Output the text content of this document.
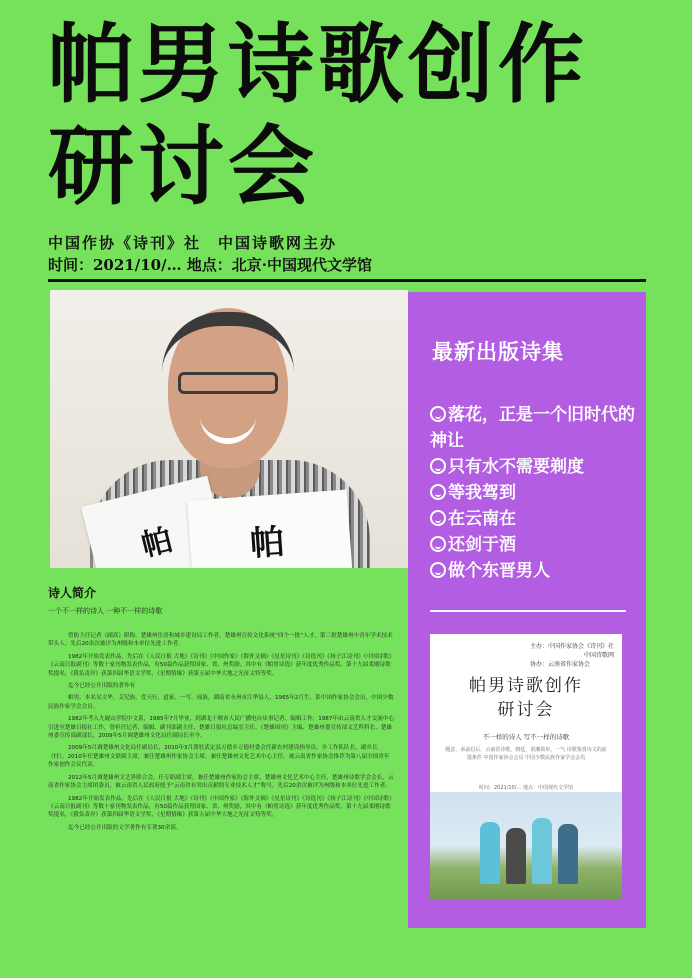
帕男诗歌创作研讨会
中国作协《诗刊》社　中国诗歌网主办
时间：2021/10/… 地点：北京·中国现代文学馆
帕 帕
最新出版诗集

落花，正是一个旧时代的神让

只有水不需要剃度

等我驾到

在云南在

还剑于酒

做个东晋男人

主办：中国作家协会《诗刊》社
中国诗歌网
协办：云南省作家协会
帕男诗歌创作
研讨会
不一样的诗人 写不一样的诗歌
题意，承前启后，云南省诗歌，朝廷，渠湘简单，一气 诗歌鉴赏诗文的前提条件 中国作家协会会员 中国少数民族作家学会会员
时间：2021/10/… 地点：中国现代文学馆
诗人简介
一个不一样的诗人 一种不一样的诗歌

曾防主任记者（副高）职称。楚雄州住房和城乡建设局工作者。楚雄州宣传文化系统“四个一批”人才，第三批楚雄州中青年学术技术带头人。先后20余次被评为州级和本单位先进工作者。

1982年开始发表作品，先后在《人民日报 大地》《诗刊》《中国作家》《海外文摘》《星星诗刊》《诗选刊》《扬子江诗刊》《中国诗歌》《云南日报副刊》等数十家刊物发表作品，有50篇作品获得国家、省、州奖励。其中有《帕男诗选》获年度优秀作品奖、第十九届柔刚诗歌奖提名，《我负责岸》获第四届华语文学奖，《星期情缘》获第五届中华大地之光征文特等奖。

迄今已经公开出版的著作有

帕男，本名吴文华，艾尼族，壹天行，道家，一写。瑶族，湖南省永州市江华县人，1965年2月生。系中国作家协会会员，中国少数民族作家学会会员。

1982年考入九嶷山学院中文系，1985年7月毕业，到湖北十堰市人民广播电台从事记者、编辑工作，1987年由云南省人才交流中心引进至楚雄日报社工作，曾担任记者、编辑、副刊部副主任、楚雄日报社总编室主任、《楚雄周刊》主编、楚雄州委宣传部文艺科科长、楚雄州委宣传部副部长，2009年5月调楚雄州文化局任副局长至今。

2009年5月调楚雄州文化局任副局长，2010年3月派驻武定县万德乡万德村委会任新农村建设指导员，乡工作队队长，副乡长（挂）。2010年任楚雄州文联副主席，兼任楚雄州作家协会主席，兼任楚雄州文化艺术中心主任，被云南省作家协会推荐为第八届全国青年作家创作会议代表。

2012年5月调楚雄州文艺界联合会，任专职副主席，兼任楚雄州作家协会主席，楚雄州文化艺术中心主任，楚雄州诗歌学会会长，云南省作家协会主席团委员，被云南省人民政府授予“云南省有突出贡献的专业技术人才”称号，先后20余次被评为州级和本单位先进工作者。

1982年开始发表作品，先后在《人民日报 大地》《诗刊》《中国作家》《海外文摘》《星星诗刊》《诗选刊》《扬子江诗刊》《中国诗歌》《云南日报副刊》等数十家刊物发表作品，有50篇作品获得国家、省、州奖励，其中有《帕男诗选》获年度优秀作品奖，第十九届柔刚诗歌奖提名，《我负责岸》获第四届华语文学奖，《星期情缘》获第五届中华大地之光征文特等奖。

迄今已经公开出版的文学著作有专著30余部。
